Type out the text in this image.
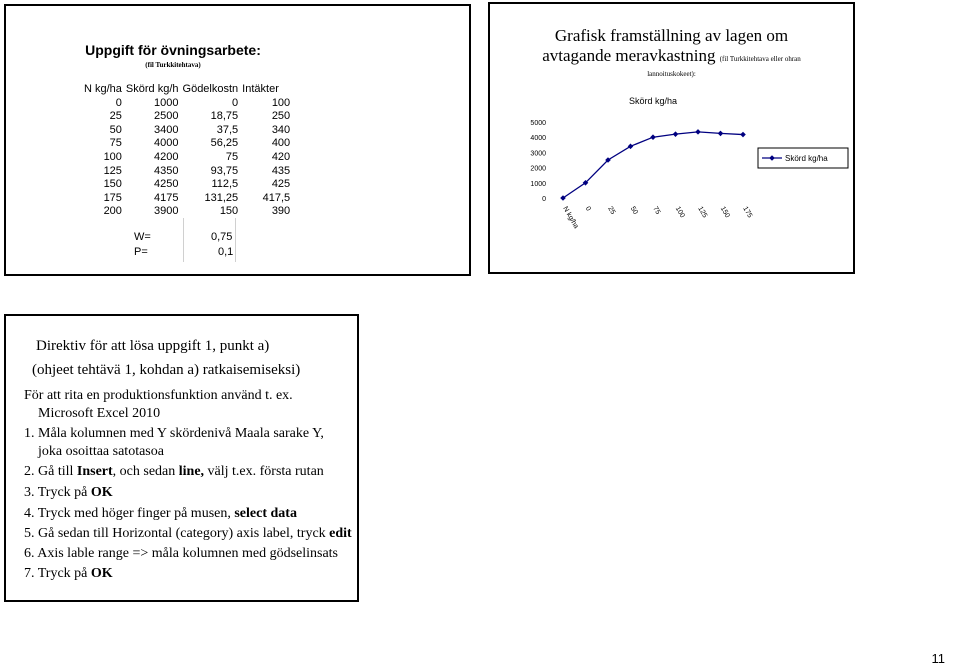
Uppgift för övningsarbete:
(fil Turkkitehtava)
N kg/ha	Skörd kg/h	Gödelkostn	Intäkter
0	1000	0	100
25	2500	18,75	250
50	3400	37,5	340
75	4000	56,25	400
100	4200	75	420
125	4350	93,75	435
150	4250	112,5	425
175	4175	131,25	417,5
200	3900	150	390
W=	0,75
P=	0,1
Grafisk framställning av lagen om
avtagande meravkastning (fil Turkkitehtava eller ohran
lannoituskokeet):
Skörd kg/ha
0
1000
2000
3000
4000
5000
N kg/ha 0 25 50 75 100 125 150 175
Skörd kg/ha
Direktiv för att lösa uppgift 1, punkt a)
(ohjeet tehtävä 1, kohdan a) ratkaisemiseksi)
För att rita en produktionsfunktion använd t. ex.
Microsoft Excel 2010
1. Måla kolumnen med Y skördenivå Maala sarake Y,
joka osoittaa satotasoa
2. Gå till Insert, och sedan line, välj t.ex. första rutan
3. Tryck på OK
4. Tryck med höger finger på musen, select data
5. Gå sedan till Horizontal (category) axis label, tryck edit
6. Axis lable range => måla kolumnen med gödselinsats
7. Tryck på OK
11
